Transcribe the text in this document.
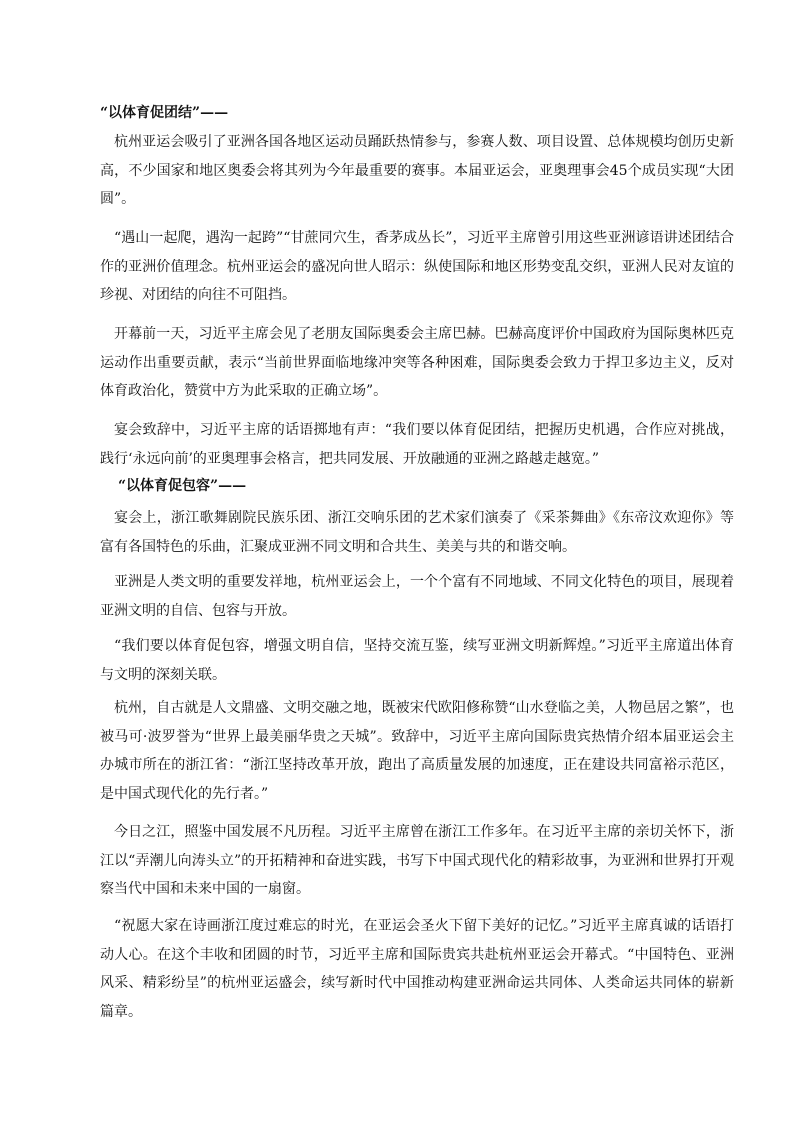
“以体育促团结”——

杭州亚运会吸引了亚洲各国各地区运动员踊跃热情参与，参赛人数、项目设置、总体规模均创历史新高，不少国家和地区奥委会将其列为今年最重要的赛事。本届亚运会，亚奥理事会45个成员实现“大团圆”。

“遇山一起爬，遇沟一起跨”“甘蔗同穴生，香茅成丛长”，习近平主席曾引用这些亚洲谚语讲述团结合作的亚洲价值理念。杭州亚运会的盛况向世人昭示：纵使国际和地区形势变乱交织，亚洲人民对友谊的珍视、对团结的向往不可阻挡。

开幕前一天，习近平主席会见了老朋友国际奥委会主席巴赫。巴赫高度评价中国政府为国际奥林匹克运动作出重要贡献，表示“当前世界面临地缘冲突等各种困难，国际奥委会致力于捍卫多边主义，反对体育政治化，赞赏中方为此采取的正确立场”。

宴会致辞中，习近平主席的话语掷地有声：“我们要以体育促团结，把握历史机遇，合作应对挑战，践行‘永远向前’的亚奥理事会格言，把共同发展、开放融通的亚洲之路越走越宽。”

“以体育促包容”——

宴会上，浙江歌舞剧院民族乐团、浙江交响乐团的艺术家们演奏了《采茶舞曲》《东帝汶欢迎你》等富有各国特色的乐曲，汇聚成亚洲不同文明和合共生、美美与共的和谐交响。

亚洲是人类文明的重要发祥地，杭州亚运会上，一个个富有不同地域、不同文化特色的项目，展现着亚洲文明的自信、包容与开放。

“我们要以体育促包容，增强文明自信，坚持交流互鉴，续写亚洲文明新辉煌。”习近平主席道出体育与文明的深刻关联。

杭州，自古就是人文鼎盛、文明交融之地，既被宋代欧阳修称赞“山水登临之美，人物邑居之繁”，也被马可·波罗誉为“世界上最美丽华贵之天城”。致辞中，习近平主席向国际贵宾热情介绍本届亚运会主办城市所在的浙江省：“浙江坚持改革开放，跑出了高质量发展的加速度，正在建设共同富裕示范区，是中国式现代化的先行者。”

今日之江，照鉴中国发展不凡历程。习近平主席曾在浙江工作多年。在习近平主席的亲切关怀下，浙江以“弄潮儿向涛头立”的开拓精神和奋进实践，书写下中国式现代化的精彩故事，为亚洲和世界打开观察当代中国和未来中国的一扇窗。

“祝愿大家在诗画浙江度过难忘的时光，在亚运会圣火下留下美好的记忆。”习近平主席真诚的话语打动人心。在这个丰收和团圆的时节，习近平主席和国际贵宾共赴杭州亚运会开幕式。“中国特色、亚洲风采、精彩纷呈”的杭州亚运盛会，续写新时代中国推动构建亚洲命运共同体、人类命运共同体的崭新篇章。
